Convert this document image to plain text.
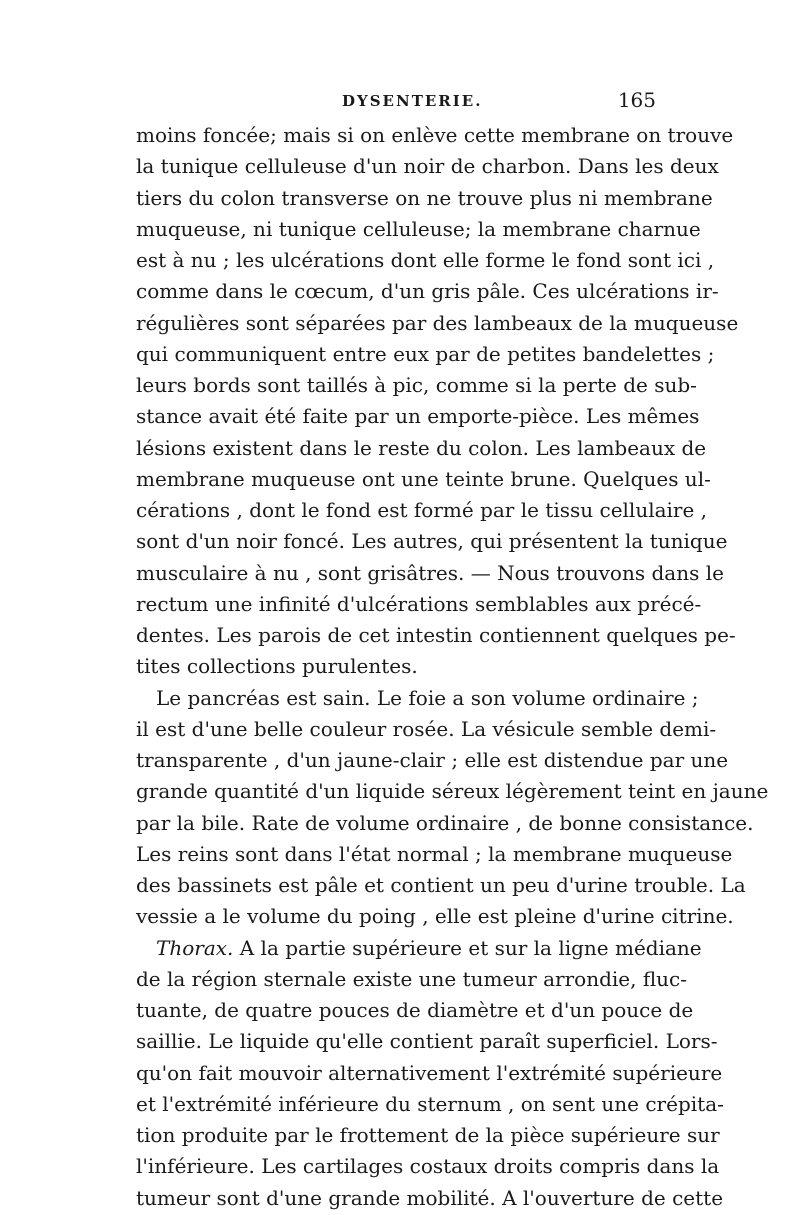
DYSENTERIE.	165
moins foncée; mais si on enlève cette membrane on trouve
la tunique celluleuse d'un noir de charbon. Dans les deux
tiers du colon transverse on ne trouve plus ni membrane
muqueuse, ni tunique celluleuse; la membrane charnue
est à nu ; les ulcérations dont elle forme le fond sont ici ,
comme dans le cœcum, d'un gris pâle. Ces ulcérations ir-
régulières sont séparées par des lambeaux de la muqueuse
qui communiquent entre eux par de petites bandelettes ;
leurs bords sont taillés à pic, comme si la perte de sub-
stance avait été faite par un emporte-pièce. Les mêmes
lésions existent dans le reste du colon. Les lambeaux de
membrane muqueuse ont une teinte brune. Quelques ul-
cérations , dont le fond est formé par le tissu cellulaire ,
sont d'un noir foncé. Les autres, qui présentent la tunique
musculaire à nu , sont grisâtres. — Nous trouvons dans le
rectum une infinité d'ulcérations semblables aux précé-
dentes. Les parois de cet intestin contiennent quelques pe-
tites collections purulentes.
Le pancréas est sain. Le foie a son volume ordinaire ;
il est d'une belle couleur rosée. La vésicule semble demi-
transparente , d'un jaune-clair ; elle est distendue par une
grande quantité d'un liquide séreux légèrement teint en jaune
par la bile. Rate de volume ordinaire , de bonne consistance.
Les reins sont dans l'état normal ; la membrane muqueuse
des bassinets est pâle et contient un peu d'urine trouble. La
vessie a le volume du poing , elle est pleine d'urine citrine.
Thorax. A la partie supérieure et sur la ligne médiane
de la région sternale existe une tumeur arrondie, fluc-
tuante, de quatre pouces de diamètre et d'un pouce de
saillie. Le liquide qu'elle contient paraît superficiel. Lors-
qu'on fait mouvoir alternativement l'extrémité supérieure
et l'extrémité inférieure du sternum , on sent une crépita-
tion produite par le frottement de la pièce supérieure sur
l'inférieure. Les cartilages costaux droits compris dans la
tumeur sont d'une grande mobilité. A l'ouverture de cette
